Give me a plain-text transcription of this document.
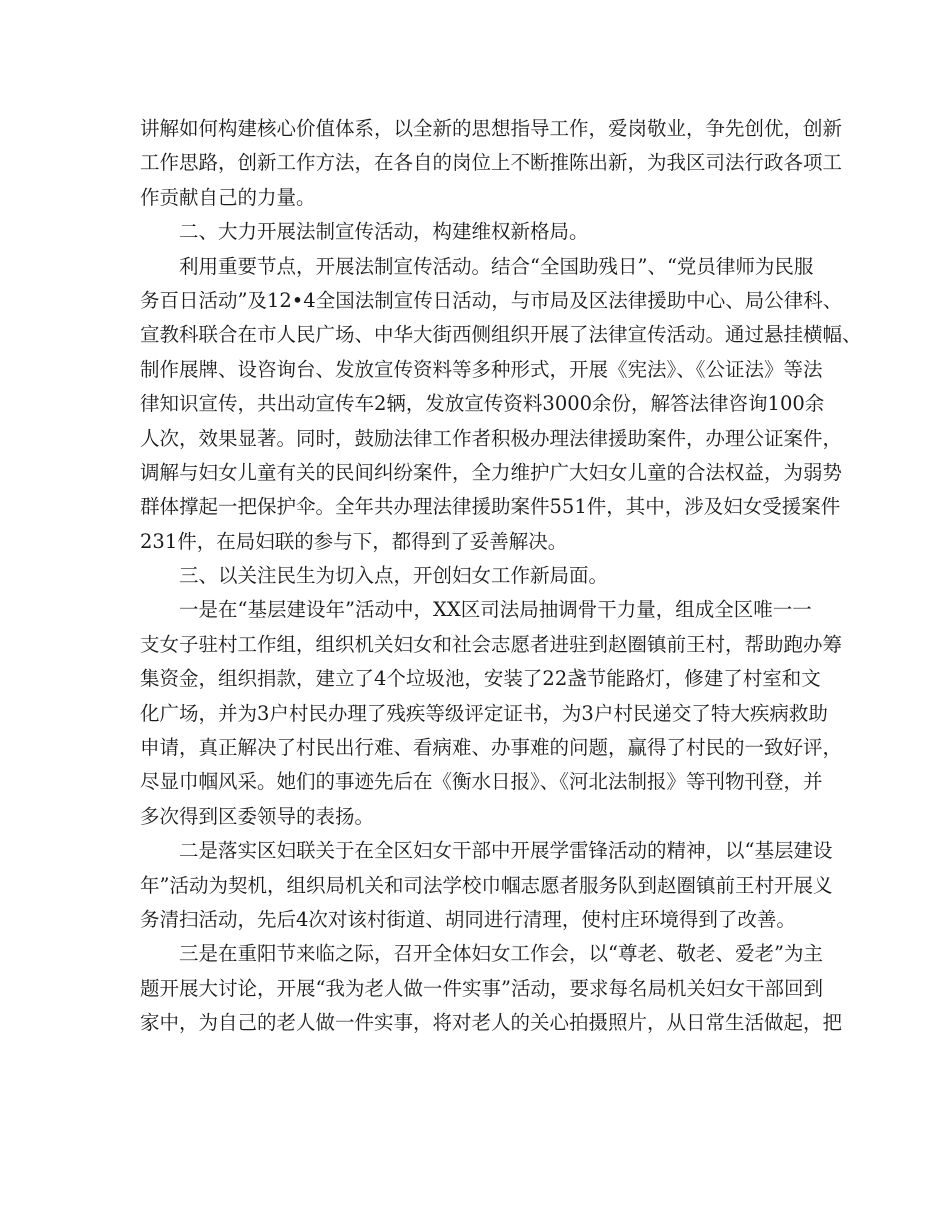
讲解如何构建核心价值体系，以全新的思想指导工作，爱岗敬业，争先创优，创新
工作思路，创新工作方法，在各自的岗位上不断推陈出新，为我区司法行政各项工
作贡献自己的力量。
二、大力开展法制宣传活动，构建维权新格局。
利用重要节点，开展法制宣传活动。结合“全国助残日”、“党员律师为民服
务百日活动”及12•4全国法制宣传日活动，与市局及区法律援助中心、局公律科、
宣教科联合在市人民广场、中华大街西侧组织开展了法律宣传活动。通过悬挂横幅、
制作展牌、设咨询台、发放宣传资料等多种形式，开展《宪法》、《公证法》等法
律知识宣传，共出动宣传车2辆，发放宣传资料3000余份，解答法律咨询100余
人次，效果显著。同时，鼓励法律工作者积极办理法律援助案件，办理公证案件，
调解与妇女儿童有关的民间纠纷案件，全力维护广大妇女儿童的合法权益，为弱势
群体撑起一把保护伞。全年共办理法律援助案件551件，其中，涉及妇女受援案件
231件，在局妇联的参与下，都得到了妥善解决。
三、以关注民生为切入点，开创妇女工作新局面。
一是在“基层建设年”活动中，XX区司法局抽调骨干力量，组成全区唯一一
支女子驻村工作组，组织机关妇女和社会志愿者进驻到赵圈镇前王村，帮助跑办筹
集资金，组织捐款，建立了4个垃圾池，安装了22盏节能路灯，修建了村室和文
化广场，并为3户村民办理了残疾等级评定证书，为3户村民递交了特大疾病救助
申请，真正解决了村民出行难、看病难、办事难的问题，赢得了村民的一致好评，
尽显巾帼风采。她们的事迹先后在《衡水日报》、《河北法制报》等刊物刊登，并
多次得到区委领导的表扬。
二是落实区妇联关于在全区妇女干部中开展学雷锋活动的精神，以“基层建设
年”活动为契机，组织局机关和司法学校巾帼志愿者服务队到赵圈镇前王村开展义
务清扫活动，先后4次对该村街道、胡同进行清理，使村庄环境得到了改善。
三是在重阳节来临之际，召开全体妇女工作会，以“尊老、敬老、爱老”为主
题开展大讨论，开展“我为老人做一件实事”活动，要求每名局机关妇女干部回到
家中，为自己的老人做一件实事，将对老人的关心拍摄照片，从日常生活做起，把
